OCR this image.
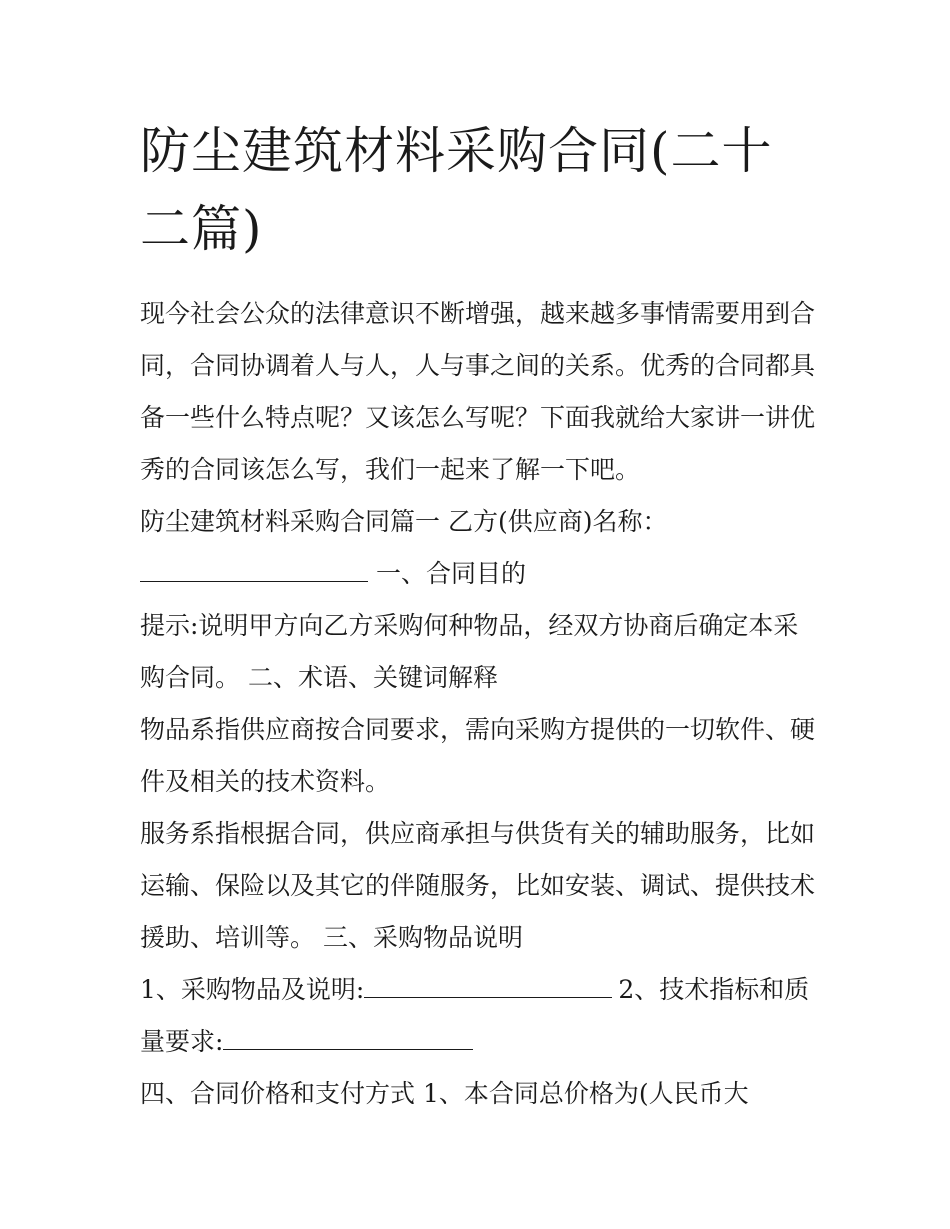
防尘建筑材料采购合同(二十二篇)

现今社会公众的法律意识不断增强，越来越多事情需要用到合同，合同协调着人与人，人与事之间的关系。优秀的合同都具备一些什么特点呢？又该怎么写呢？下面我就给大家讲一讲优秀的合同该怎么写，我们一起来了解一下吧。

防尘建筑材料采购合同篇一 乙方(供应商)名称：

一、合同目的

提示:说明甲方向乙方采购何种物品，经双方协商后确定本采购合同。 二、术语、关键词解释

物品系指供应商按合同要求，需向采购方提供的一切软件、硬件及相关的技术资料。

服务系指根据合同，供应商承担与供货有关的辅助服务，比如运输、保险以及其它的伴随服务，比如安装、调试、提供技术援助、培训等。 三、采购物品说明

1、采购物品及说明:	2、技术指标和质量要求:

四、合同价格和支付方式 1、本合同总价格为(人民币大
